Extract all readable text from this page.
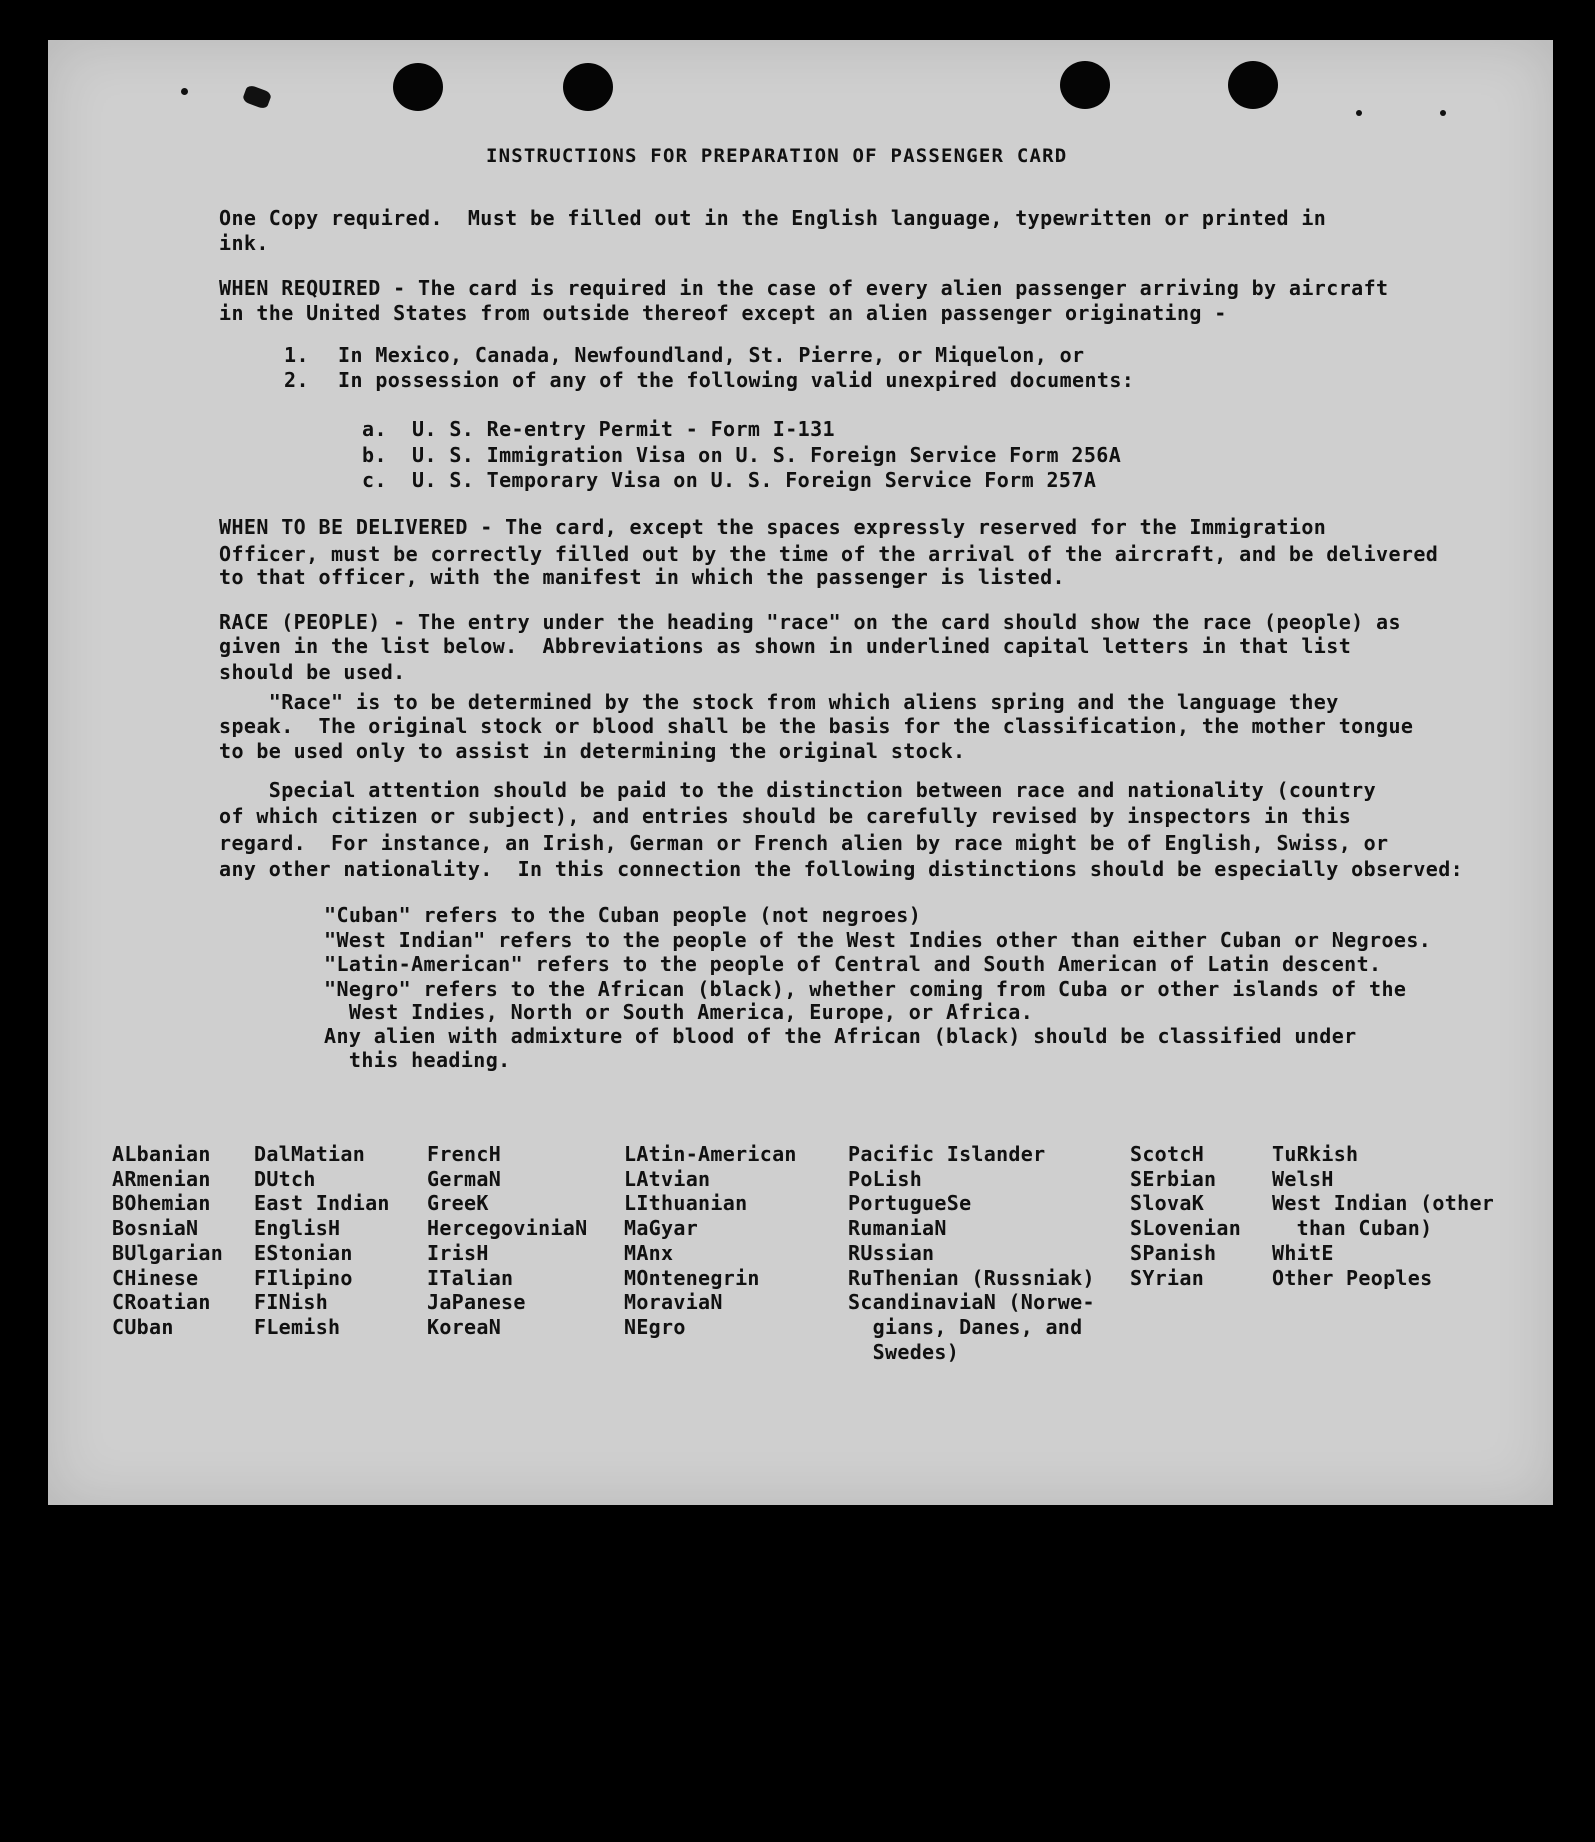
INSTRUCTIONS FOR PREPARATION OF PASSENGER CARD
One Copy required.  Must be filled out in the English language, typewritten or printed in
ink.
WHEN REQUIRED - The card is required in the case of every alien passenger arriving by aircraft
in the United States from outside thereof except an alien passenger originating -
1. In Mexico, Canada, Newfoundland, St. Pierre, or Miquelon, or
2. In possession of any of the following valid unexpired documents:
a. U. S. Re-entry Permit - Form I-131
b. U. S. Immigration Visa on U. S. Foreign Service Form 256A
c. U. S. Temporary Visa on U. S. Foreign Service Form 257A
WHEN TO BE DELIVERED - The card, except the spaces expressly reserved for the Immigration
Officer, must be correctly filled out by the time of the arrival of the aircraft, and be delivered
to that officer, with the manifest in which the passenger is listed.
RACE (PEOPLE) - The entry under the heading "race" on the card should show the race (people) as
given in the list below.  Abbreviations as shown in underlined capital letters in that list
should be used.
"Race" is to be determined by the stock from which aliens spring and the language they
speak.  The original stock or blood shall be the basis for the classification, the mother tongue
to be used only to assist in determining the original stock.
Special attention should be paid to the distinction between race and nationality (country
of which citizen or subject), and entries should be carefully revised by inspectors in this
regard.  For instance, an Irish, German or French alien by race might be of English, Swiss, or
any other nationality.  In this connection the following distinctions should be especially observed:
"Cuban" refers to the Cuban people (not negroes)
"West Indian" refers to the people of the West Indies other than either Cuban or Negroes.
"Latin-American" refers to the people of Central and South American of Latin descent.
"Negro" refers to the African (black), whether coming from Cuba or other islands of the
West Indies, North or South America, Europe, or Africa.
Any alien with admixture of blood of the African (black) should be classified under
this heading.
ALbanian
ARmenian
BOhemian
BosniaN
BUlgarian
CHinese
CRoatian
CUban
DalMatian
DUtch
East Indian
EnglisH
EStonian
FIlipino
FINish
FLemish
FrencH
GermaN
GreeK
HercegoviniaN
IrisH
ITalian
JaPanese
KoreaN
LAtin-American
LAtvian
LIthuanian
MaGyar
MAnx
MOntenegrin
MoraviaN
NEgro
Pacific Islander
PoLish
PortugueSe
RumaniaN
RUssian
RuThenian (Russniak)
ScandinaviaN (Norwe-
gians, Danes, and
Swedes)
ScotcH
SErbian
SlovaK
SLovenian
SPanish
SYrian
TuRkish
WelsH
West Indian (other
than Cuban)
WhitE
Other Peoples
